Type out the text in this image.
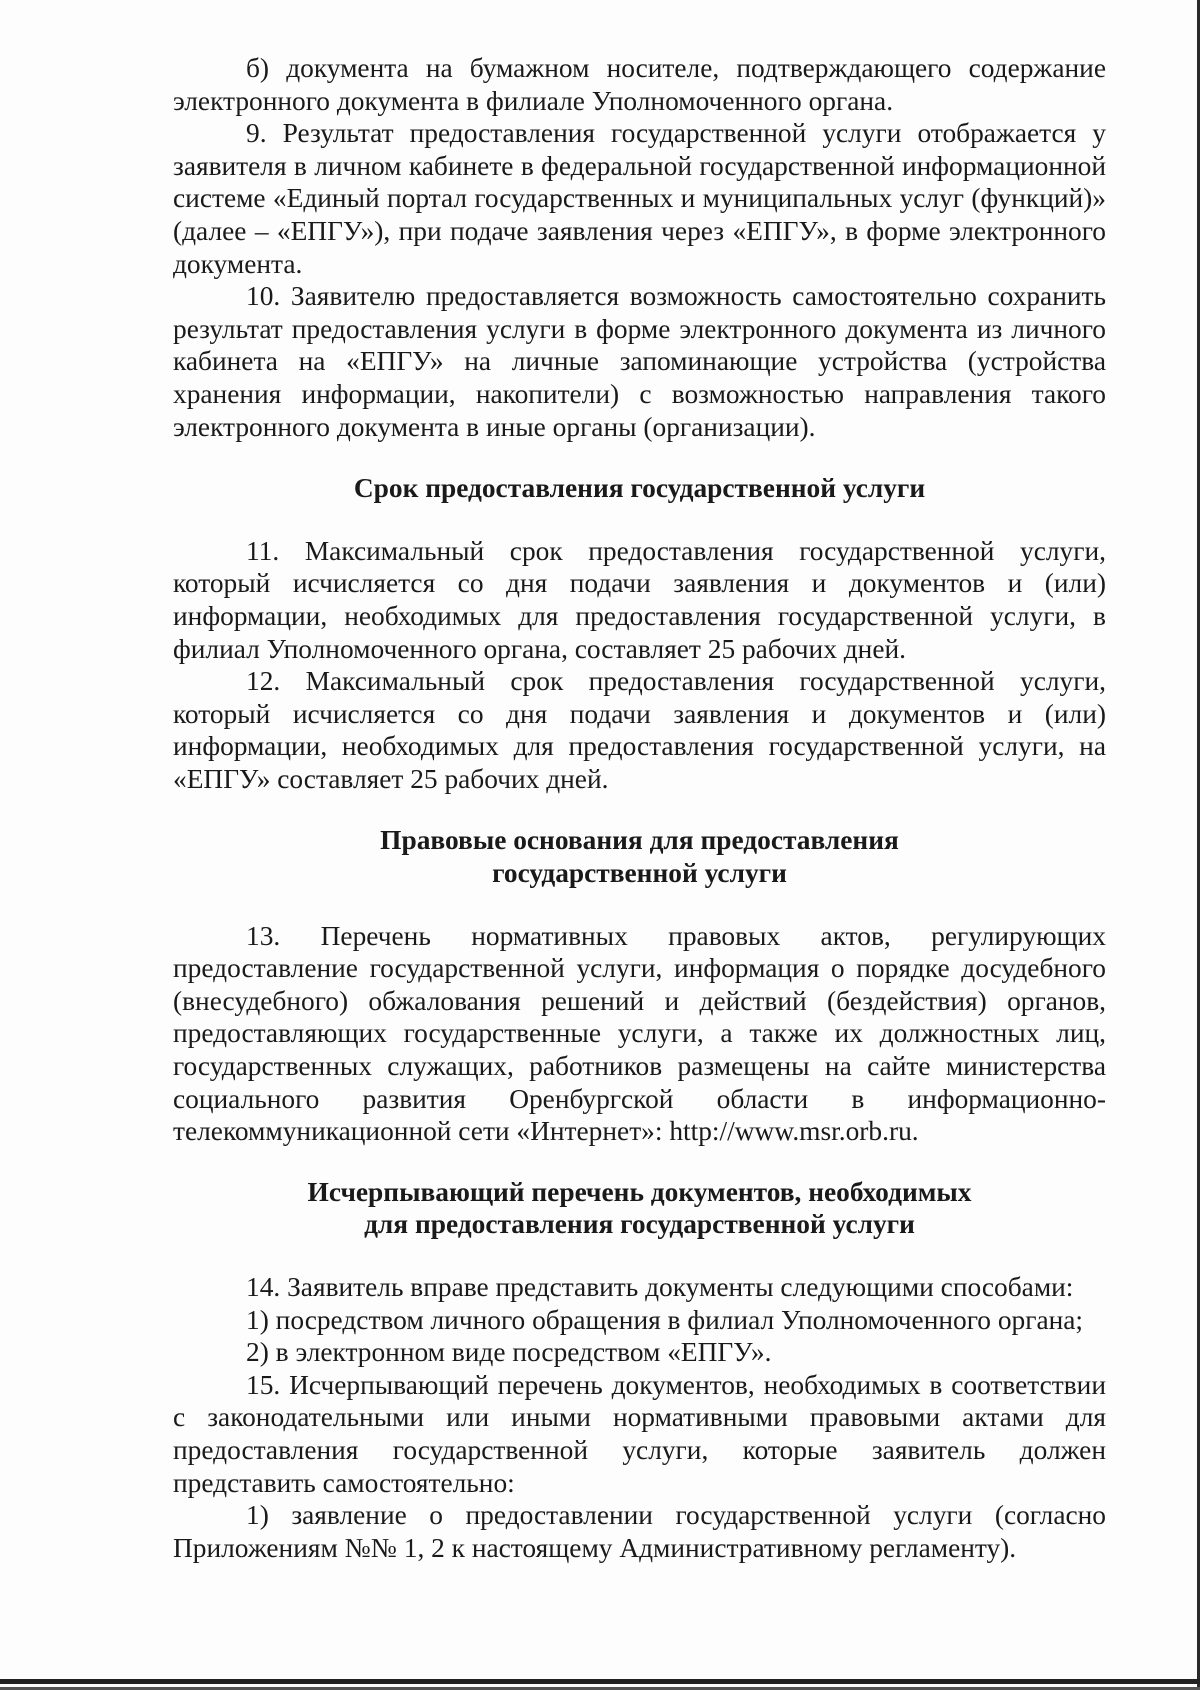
б) документа на бумажном носителе, подтверждающего содержание электронного документа в филиале Уполномоченного органа.

9. Результат предоставления государственной услуги отображается у заявителя в личном кабинете в федеральной государственной информационной системе «Единый портал государственных и муниципальных услуг (функций)» (далее – «ЕПГУ»), при подаче заявления через «ЕПГУ», в форме электронного документа.

10. Заявителю предоставляется возможность самостоятельно сохранить результат предоставления услуги в форме электронного документа из личного кабинета на «ЕПГУ» на личные запоминающие устройства (устройства хранения информации, накопители) с возможностью направления такого электронного документа в иные органы (организации).

Срок предоставления государственной услуги

11. Максимальный срок предоставления государственной услуги, который исчисляется со дня подачи заявления и документов и (или) информации, необходимых для предоставления государственной услуги, в филиал Уполномоченного органа, составляет 25 рабочих дней.

12. Максимальный срок предоставления государственной услуги, который исчисляется со дня подачи заявления и документов и (или) информации, необходимых для предоставления государственной услуги, на «ЕПГУ» составляет 25 рабочих дней.

Правовые основания для предоставления
государственной услуги

13. Перечень нормативных правовых актов, регулирующих предоставление государственной услуги, информация о порядке досудебного (внесудебного) обжалования решений и действий (бездействия) органов, предоставляющих государственные услуги, а также их должностных лиц, государственных служащих, работников размещены на сайте министерства социального развития Оренбургской области в информационно-телекоммуникационной сети «Интернет»: http://www.msr.orb.ru.

Исчерпывающий перечень документов, необходимых
для предоставления государственной услуги

14. Заявитель вправе представить документы следующими способами:

1) посредством личного обращения в филиал Уполномоченного органа;

2) в электронном виде посредством «ЕПГУ».

15. Исчерпывающий перечень документов, необходимых в соответствии с законодательными или иными нормативными правовыми актами для предоставления государственной услуги, которые заявитель должен представить самостоятельно:

1) заявление о предоставлении государственной услуги (согласно Приложениям №№ 1, 2 к настоящему Административному регламенту).
